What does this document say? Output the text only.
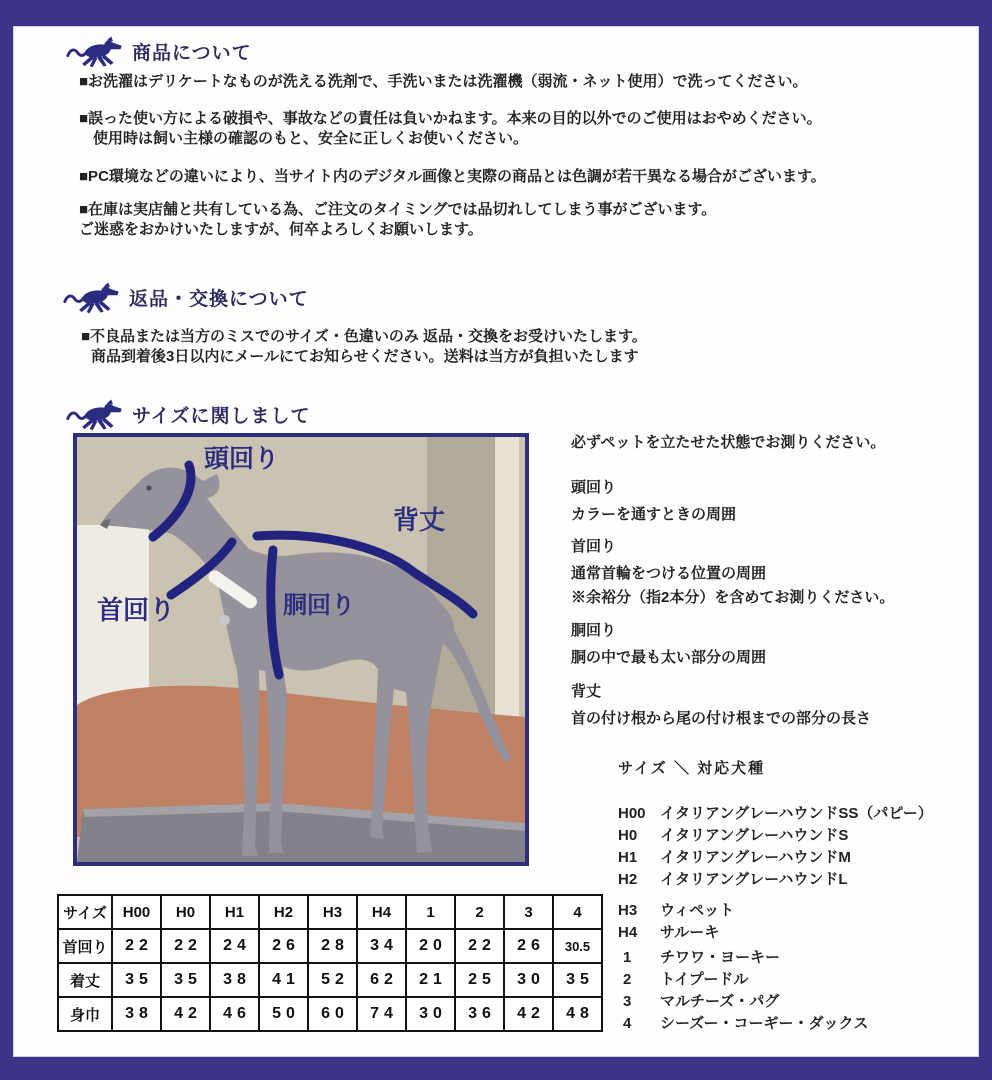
商品について
■お洗濯はデリケートなものが洗える洗剤で、手洗いまたは洗濯機（弱流・ネット使用）で洗ってください。
■誤った使い方による破損や、事故などの責任は負いかねます。本来の目的以外でのご使用はおやめください。
使用時は飼い主様の確認のもと、安全に正しくお使いください。
■PC環境などの違いにより、当サイト内のデジタル画像と実際の商品とは色調が若干異なる場合がございます。
■在庫は実店舗と共有している為、ご注文のタイミングでは品切れしてしまう事がございます。
ご迷惑をおかけいたしますが、何卒よろしくお願いします。
返品・交換について
■不良品または当方のミスでのサイズ・色違いのみ 返品・交換をお受けいたします。
商品到着後3日以内にメールにてお知らせください。送料は当方が負担いたします
サイズに関しまして
頭回り
背丈
首回り	胴回り
必ずペットを立たせた状態でお測りください。
頭回り
カラーを通すときの周囲
首回り
通常首輪をつける位置の周囲
※余裕分（指2本分）を含めてお測りください。
胴回り
胴の中で最も太い部分の周囲
背丈
首の付け根から尾の付け根までの部分の長さ
サイズ ＼ 対応犬種
H00 イタリアングレーハウンドSS（パピー）
H0	イタリアングレーハウンドS
H1	イタリアングレーハウンドM
H2	イタリアングレーハウンドL
H3	ウィペット
H4	サルーキ
1	チワワ・ヨーキー
2	トイプードル
3	マルチーズ・パグ
4	シーズー・コーギー・ダックス
サイズ	H00	H0	H1	H2	H3	H4	1	2	3	4
首回り	22	22	24	26	28	34	20	22	26	30.5
着丈	35	35	38	41	52	62	21	25	30	35
身巾	38	42	46	50	60	74	30	36	42	48
